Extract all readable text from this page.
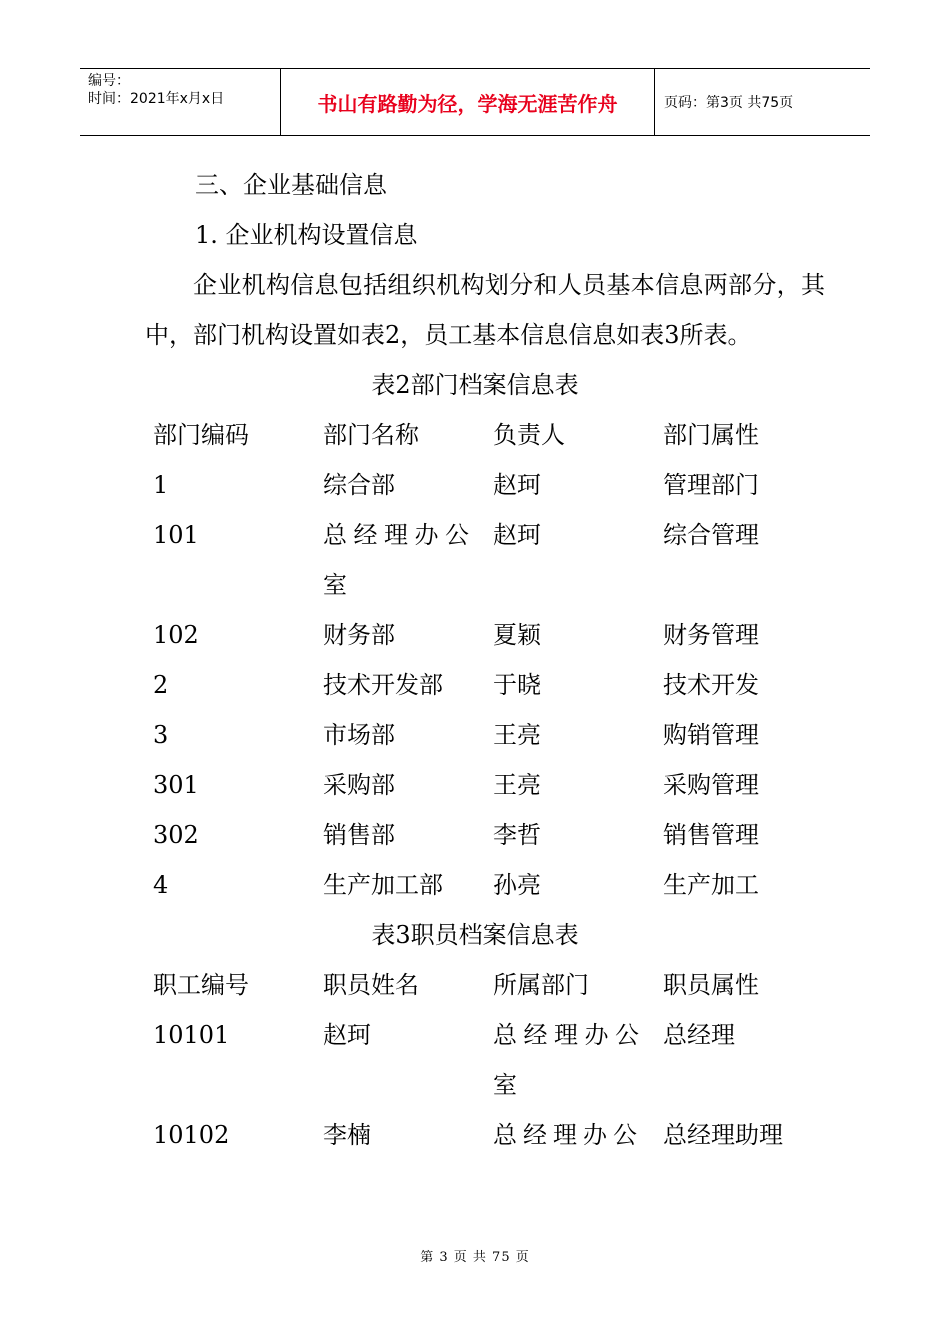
编号：
时间：2021年x月x日	书山有路勤为径，学海无涯苦作舟	页码：第3页 共75页

三、企业基础信息

1. 企业机构设置信息

企业机构信息包括组织机构划分和人员基本信息两部分，其中，部门机构设置如表2，员工基本信息信息如表3所表。

表2部门档案信息表

部门编码	部门名称	负责人	部门属性
1	综合部	赵珂	管理部门
101	总经理办公室	赵珂	综合管理
102	财务部	夏颖	财务管理
2	技术开发部	于晓	技术开发
3	市场部	王亮	购销管理
301	采购部	王亮	采购管理
302	销售部	李哲	销售管理
4	生产加工部	孙亮	生产加工

表3职员档案信息表

职工编号	职员姓名	所属部门	职员属性
10101	赵珂	总经理办公室	总经理
10102	李楠	总经理办公	总经理助理
第 3 页 共 75 页
